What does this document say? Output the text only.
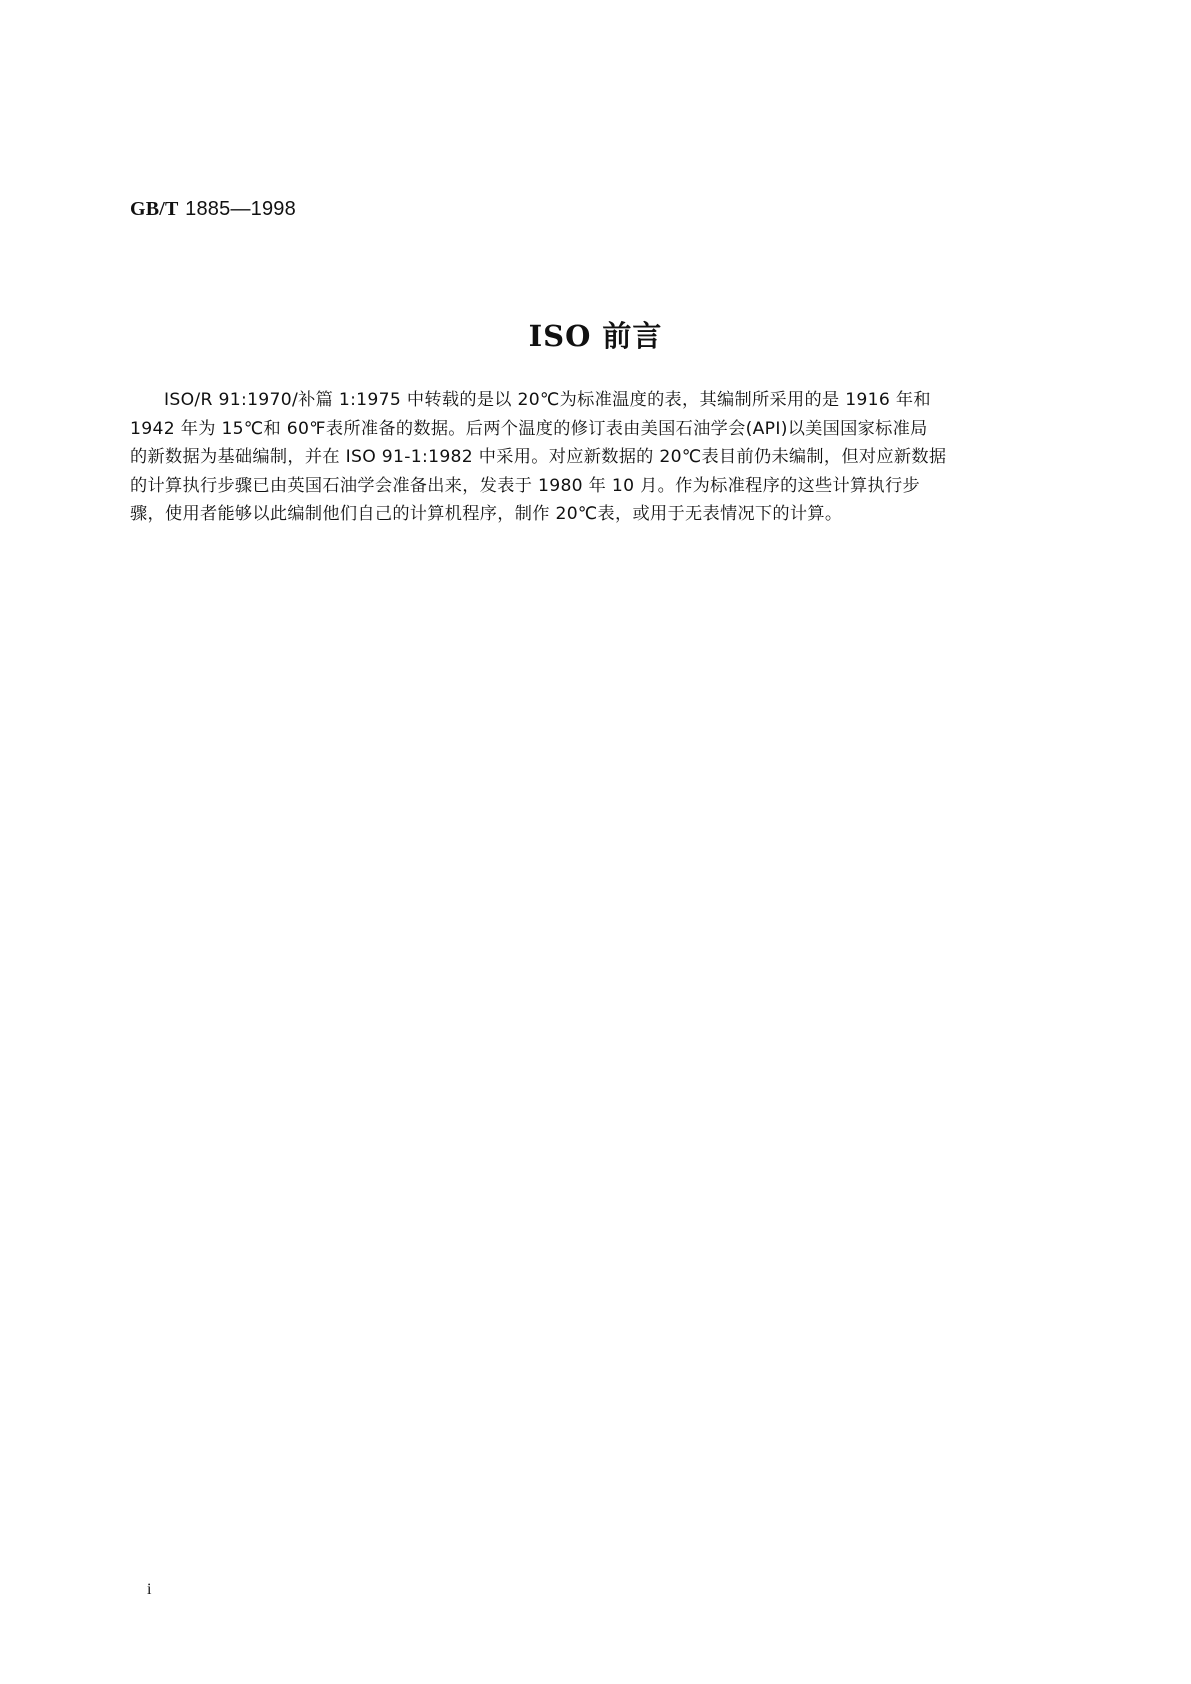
GB/T 1885—1998
ISO 前言
ISO/R 91:1970/补篇 1:1975 中转载的是以 20℃为标准温度的表，其编制所采用的是 1916 年和
1942 年为 15℃和 60℉表所准备的数据。后两个温度的修订表由美国石油学会(API)以美国国家标准局
的新数据为基础编制，并在 ISO 91-1:1982 中采用。对应新数据的 20℃表目前仍未编制，但对应新数据
的计算执行步骤已由英国石油学会准备出来，发表于 1980 年 10 月。作为标准程序的这些计算执行步
骤，使用者能够以此编制他们自己的计算机程序，制作 20℃表，或用于无表情况下的计算。
i
